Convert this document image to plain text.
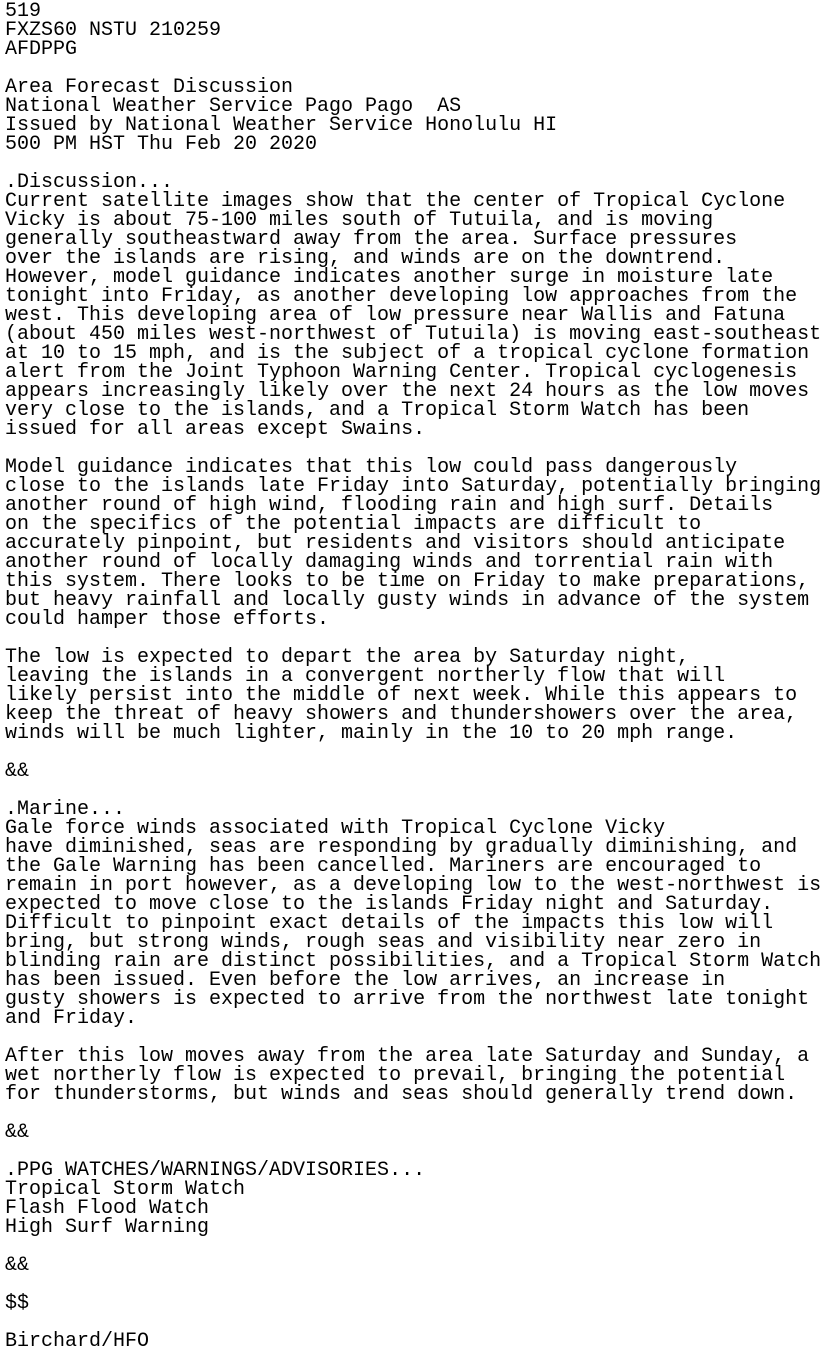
519
FXZS60 NSTU 210259
AFDPPG
Area Forecast Discussion
National Weather Service Pago Pago  AS
Issued by National Weather Service Honolulu HI
500 PM HST Thu Feb 20 2020
.Discussion...
Current satellite images show that the center of Tropical Cyclone
Vicky is about 75-100 miles south of Tutuila, and is moving
generally southeastward away from the area. Surface pressures
over the islands are rising, and winds are on the downtrend.
However, model guidance indicates another surge in moisture late
tonight into Friday, as another developing low approaches from the
west. This developing area of low pressure near Wallis and Fatuna
(about 450 miles west-northwest of Tutuila) is moving east-southeast
at 10 to 15 mph, and is the subject of a tropical cyclone formation
alert from the Joint Typhoon Warning Center. Tropical cyclogenesis
appears increasingly likely over the next 24 hours as the low moves
very close to the islands, and a Tropical Storm Watch has been
issued for all areas except Swains.
Model guidance indicates that this low could pass dangerously
close to the islands late Friday into Saturday, potentially bringing
another round of high wind, flooding rain and high surf. Details
on the specifics of the potential impacts are difficult to
accurately pinpoint, but residents and visitors should anticipate
another round of locally damaging winds and torrential rain with
this system. There looks to be time on Friday to make preparations,
but heavy rainfall and locally gusty winds in advance of the system
could hamper those efforts.
The low is expected to depart the area by Saturday night,
leaving the islands in a convergent northerly flow that will
likely persist into the middle of next week. While this appears to
keep the threat of heavy showers and thundershowers over the area,
winds will be much lighter, mainly in the 10 to 20 mph range.
&&
.Marine...
Gale force winds associated with Tropical Cyclone Vicky
have diminished, seas are responding by gradually diminishing, and
the Gale Warning has been cancelled. Mariners are encouraged to
remain in port however, as a developing low to the west-northwest is
expected to move close to the islands Friday night and Saturday.
Difficult to pinpoint exact details of the impacts this low will
bring, but strong winds, rough seas and visibility near zero in
blinding rain are distinct possibilities, and a Tropical Storm Watch
has been issued. Even before the low arrives, an increase in
gusty showers is expected to arrive from the northwest late tonight
and Friday.
After this low moves away from the area late Saturday and Sunday, a
wet northerly flow is expected to prevail, bringing the potential
for thunderstorms, but winds and seas should generally trend down.
&&
.PPG WATCHES/WARNINGS/ADVISORIES...
Tropical Storm Watch
Flash Flood Watch
High Surf Warning
&&
$$
Birchard/HFO
